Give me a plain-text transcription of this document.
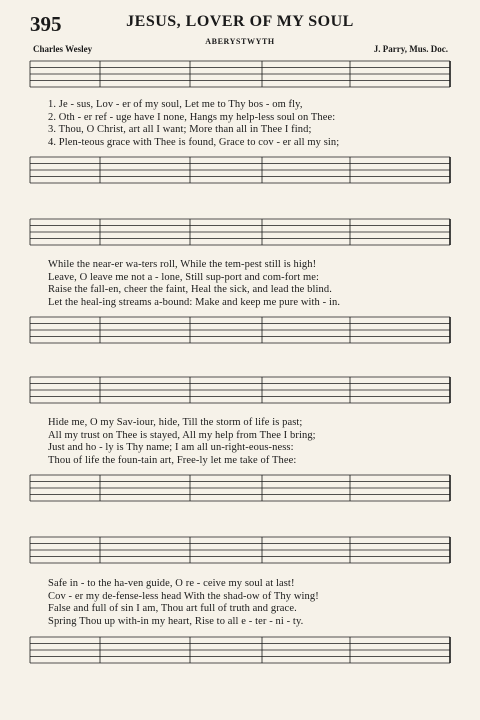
395	JESUS, LOVER OF MY SOUL
ABERYSTWYTH
Charles Wesley	J. Parry, Mus. Doc.
1. Je - sus, Lov - er of my soul, Let me to Thy bos - om fly,
2. Oth - er ref - uge have I none, Hangs my help-less soul on Thee:
3. Thou, O Christ, art all I want; More than all in Thee I find;
4. Plen-teous grace with Thee is found, Grace to cov - er all my sin;
While the near-er wa-ters roll, While the tem-pest still is high!
Leave, O leave me not a - lone, Still sup-port and com-fort me:
Raise the fall-en, cheer the faint, Heal the sick, and lead the blind.
Let the heal-ing streams a-bound: Make and keep me pure with - in.
Hide me, O my Sav-iour, hide, Till the storm of life is past;
All my trust on Thee is stayed, All my help from Thee I bring;
Just and ho - ly is Thy name; I am all un-right-eous-ness:
Thou of life the foun-tain art, Free-ly let me take of Thee:
Safe in - to the ha-ven guide, O re - ceive my soul at last!
Cov - er my de-fense-less head With the shad-ow of Thy wing!
False and full of sin I am, Thou art full of truth and grace.
Spring Thou up with-in my heart, Rise to all e - ter - ni - ty.
